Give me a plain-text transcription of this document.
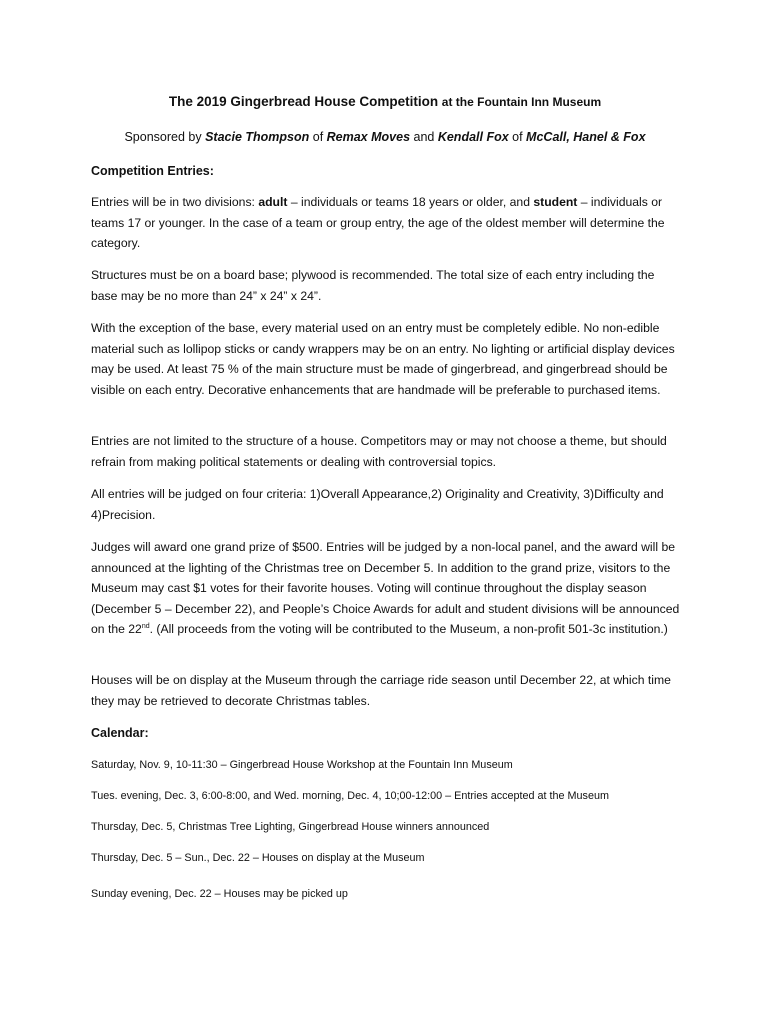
The 2019 Gingerbread House Competition at the Fountain Inn Museum
Sponsored by Stacie Thompson of Remax Moves and Kendall Fox of McCall, Hanel & Fox
Competition Entries:

Entries will be in two divisions: adult – individuals or teams 18 years or older, and student – individuals or teams 17 or younger. In the case of a team or group entry, the age of the oldest member will determine the category.

Structures must be on a board base; plywood is recommended. The total size of each entry including the base may be no more than 24” x 24” x 24”.

With the exception of the base, every material used on an entry must be completely edible. No non-edible material such as lollipop sticks or candy wrappers may be on an entry. No lighting or artificial display devices may be used. At least 75 % of the main structure must be made of gingerbread, and gingerbread should be visible on each entry. Decorative enhancements that are handmade will be preferable to purchased items.

Entries are not limited to the structure of a house. Competitors may or may not choose a theme, but should refrain from making political statements or dealing with controversial topics.

All entries will be judged on four criteria: 1)Overall Appearance,2) Originality and Creativity, 3)Difficulty and 4)Precision.

Judges will award one grand prize of $500. Entries will be judged by a non-local panel, and the award will be announced at the lighting of the Christmas tree on December 5. In addition to the grand prize, visitors to the Museum may cast $1 votes for their favorite houses. Voting will continue throughout the display season (December 5 – December 22), and People’s Choice Awards for adult and student divisions will be announced on the 22nd. (All proceeds from the voting will be contributed to the Museum, a non-profit 501-3c institution.)

Houses will be on display at the Museum through the carriage ride season until December 22, at which time they may be retrieved to decorate Christmas tables.

Calendar:
Saturday, Nov. 9, 10-11:30 – Gingerbread House Workshop at the Fountain Inn Museum
Tues. evening, Dec. 3, 6:00-8:00, and Wed. morning, Dec. 4, 10;00-12:00 – Entries accepted at the Museum
Thursday, Dec. 5, Christmas Tree Lighting, Gingerbread House winners announced
Thursday, Dec. 5 – Sun., Dec. 22 – Houses on display at the Museum
Sunday evening, Dec. 22 – Houses may be picked up
